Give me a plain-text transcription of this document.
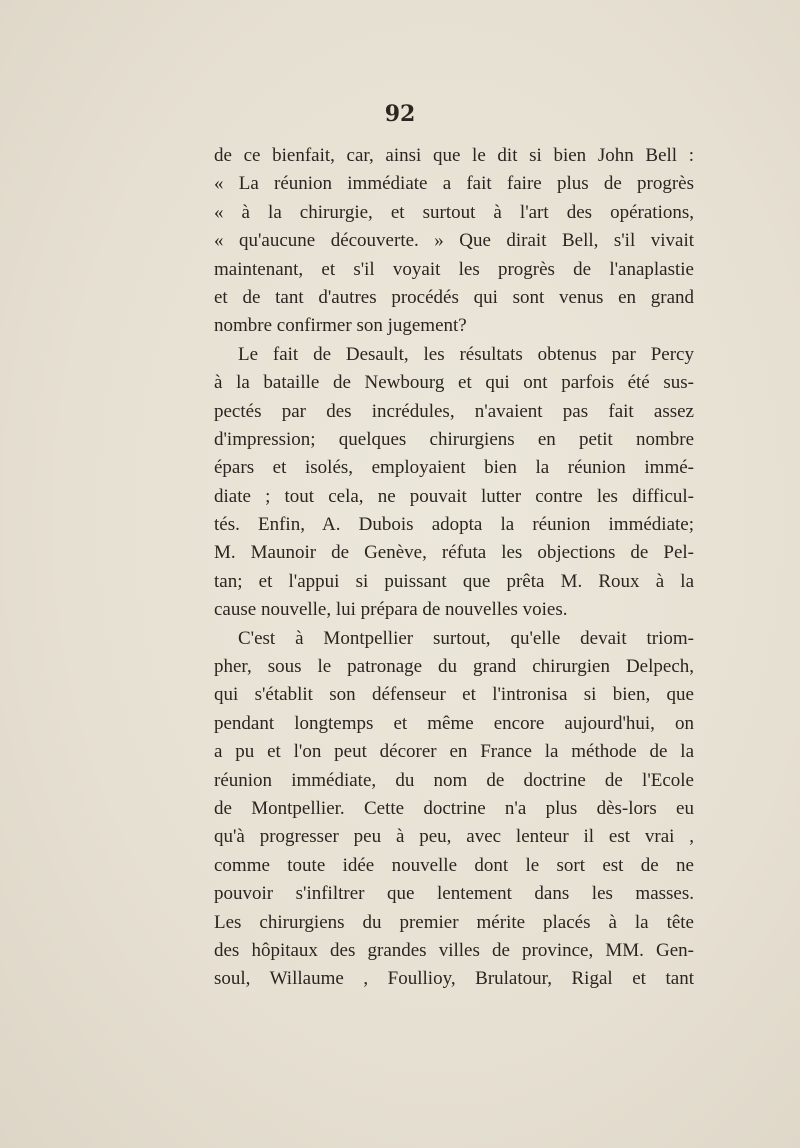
92
de ce bienfait, car, ainsi que le dit si bien John Bell :
« La réunion immédiate a fait faire plus de progrès
« à la chirurgie, et surtout à l'art des opérations,
« qu'aucune découverte. » Que dirait Bell, s'il vivait
maintenant, et s'il voyait les progrès de l'anaplastie
et de tant d'autres procédés qui sont venus en grand
nombre confirmer son jugement?
Le fait de Desault, les résultats obtenus par Percy
à la bataille de Newbourg et qui ont parfois été sus-
pectés par des incrédules, n'avaient pas fait assez
d'impression; quelques chirurgiens en petit nombre
épars et isolés, employaient bien la réunion immé-
diate ; tout cela, ne pouvait lutter contre les difficul-
tés. Enfin, A. Dubois adopta la réunion immédiate;
M. Maunoir de Genève, réfuta les objections de Pel-
tan; et l'appui si puissant que prêta M. Roux à la
cause nouvelle, lui prépara de nouvelles voies.
C'est à Montpellier surtout, qu'elle devait triom-
pher, sous le patronage du grand chirurgien Delpech,
qui s'établit son défenseur et l'intronisa si bien, que
pendant longtemps et même encore aujourd'hui, on
a pu et l'on peut décorer en France la méthode de la
réunion immédiate, du nom de doctrine de l'Ecole
de Montpellier. Cette doctrine n'a plus dès-lors eu
qu'à progresser peu à peu, avec lenteur il est vrai ,
comme toute idée nouvelle dont le sort est de ne
pouvoir s'infiltrer que lentement dans les masses.
Les chirurgiens du premier mérite placés à la tête
des hôpitaux des grandes villes de province, MM. Gen-
soul, Willaume , Foullioy, Brulatour, Rigal et tant
